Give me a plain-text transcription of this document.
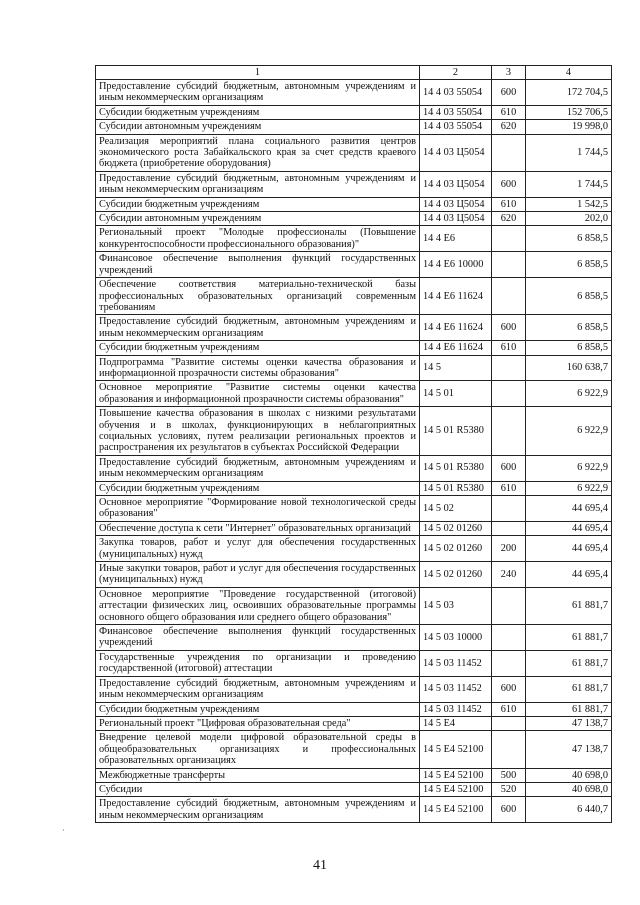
1	2	3	4
Предоставление субсидий бюджетным, автономным учреждениям и иным некоммерческим организациям	14 4 03 55054	600	172 704,5
Субсидии бюджетным учреждениям	14 4 03 55054	610	152 706,5
Субсидии автономным учреждениям	14 4 03 55054	620	19 998,0
Реализация мероприятий плана социального развития центров экономического роста Забайкальского края за счет средств краевого бюджета (приобретение оборудования)	14 4 03 Ц5054		1 744,5
Предоставление субсидий бюджетным, автономным учреждениям и иным некоммерческим организациям	14 4 03 Ц5054	600	1 744,5
Субсидии бюджетным учреждениям	14 4 03 Ц5054	610	1 542,5
Субсидии автономным учреждениям	14 4 03 Ц5054	620	202,0
Региональный проект "Молодые профессионалы (Повышение конкурентоспособности профессионального образования)"	14 4 Е6		6 858,5
Финансовое обеспечение выполнения функций государственных учреждений	14 4 Е6 10000		6 858,5
Обеспечение соответствия материально-технической базы профессиональных образовательных организаций современным требованиям	14 4 Е6 11624		6 858,5
Предоставление субсидий бюджетным, автономным учреждениям и иным некоммерческим организациям	14 4 Е6 11624	600	6 858,5
Субсидии бюджетным учреждениям	14 4 Е6 11624	610	6 858,5
Подпрограмма "Развитие системы оценки качества образования и информационной прозрачности системы образования"	14 5		160 638,7
Основное мероприятие "Развитие системы оценки качества образования и информационной прозрачности системы образования"	14 5 01		6 922,9
Повышение качества образования в школах с низкими результатами обучения и в школах, функционирующих в неблагоприятных социальных условиях, путем реализации региональных проектов и распространения их результатов в субъектах Российской Федерации	14 5 01 R5380		6 922,9
Предоставление субсидий бюджетным, автономным учреждениям и иным некоммерческим организациям	14 5 01 R5380	600	6 922,9
Субсидии бюджетным учреждениям	14 5 01 R5380	610	6 922,9
Основное мероприятие "Формирование новой технологической среды образования"	14 5 02		44 695,4
Обеспечение доступа к сети "Интернет" образовательных организаций	14 5 02 01260		44 695,4
Закупка товаров, работ и услуг для обеспечения государственных (муниципальных) нужд	14 5 02 01260	200	44 695,4
Иные закупки товаров, работ и услуг для обеспечения государственных (муниципальных) нужд	14 5 02 01260	240	44 695,4
Основное мероприятие "Проведение государственной (итоговой) аттестации физических лиц, освоивших образовательные программы основного общего образования или среднего общего образования"	14 5 03		61 881,7
Финансовое обеспечение выполнения функций государственных учреждений	14 5 03 10000		61 881,7
Государственные учреждения по организации и проведению государственной (итоговой) аттестации	14 5 03 11452		61 881,7
Предоставление субсидий бюджетным, автономным учреждениям и иным некоммерческим организациям	14 5 03 11452	600	61 881,7
Субсидии бюджетным учреждениям	14 5 03 11452	610	61 881,7
Региональный проект "Цифровая образовательная среда"	14 5 Е4		47 138,7
Внедрение целевой модели цифровой образовательной среды в общеобразовательных организациях и профессиональных образовательных организациях	14 5 Е4 52100		47 138,7
Межбюджетные трансферты	14 5 Е4 52100	500	40 698,0
Субсидии	14 5 Е4 52100	520	40 698,0
Предоставление субсидий бюджетным, автономным учреждениям и иным некоммерческим организациям	14 5 Е4 52100	600	6 440,7
·
41
